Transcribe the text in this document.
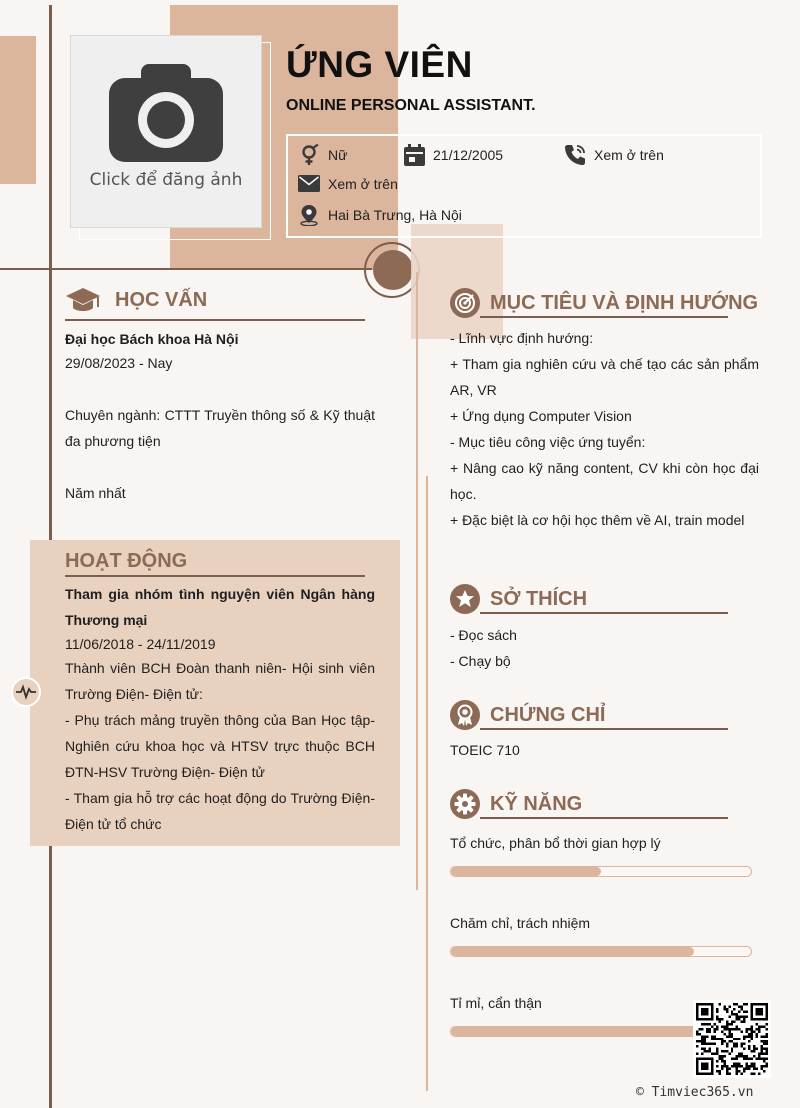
Click để đăng ảnh
ỨNG VIÊN
ONLINE PERSONAL ASSISTANT.
Nữ	21/12/2005	Xem ở trên
Xem ở trên
Hai Bà Trưng, Hà Nội
HỌC VẤN
Đại học Bách khoa Hà Nội
29/08/2023 - Nay
Chuyên ngành: CTTT Truyền thông số & Kỹ thuật đa phương tiện
Năm nhất
HOẠT ĐỘNG
Tham gia nhóm tình nguyện viên Ngân hàng Thương mại
11/06/2018 - 24/11/2019
Thành viên BCH Đoàn thanh niên- Hội sinh viên Trường Điện- Điện tử:
- Phụ trách mảng truyền thông của Ban Học tập- Nghiên cứu khoa học và HTSV trực thuộc BCH ĐTN-HSV Trường Điện- Điện tử
- Tham gia hỗ trợ các hoạt động do Trường Điện- Điện tử tổ chức
MỤC TIÊU VÀ ĐỊNH HƯỚNG
- Lĩnh vực định hướng:
+ Tham gia nghiên cứu và chế tạo các sản phẩm AR, VR
+ Ứng dụng Computer Vision
- Mục tiêu công việc ứng tuyển:
+ Nâng cao kỹ năng content, CV khi còn học đại học.
+ Đặc biệt là cơ hội học thêm về AI, train model
SỞ THÍCH
- Đọc sách
- Chạy bộ
CHỨNG CHỈ
TOEIC 710
KỸ NĂNG
Tổ chức, phân bổ thời gian hợp lý
Chăm chỉ, trách nhiệm
Tỉ mỉ, cẩn thận
© Timviec365.vn
